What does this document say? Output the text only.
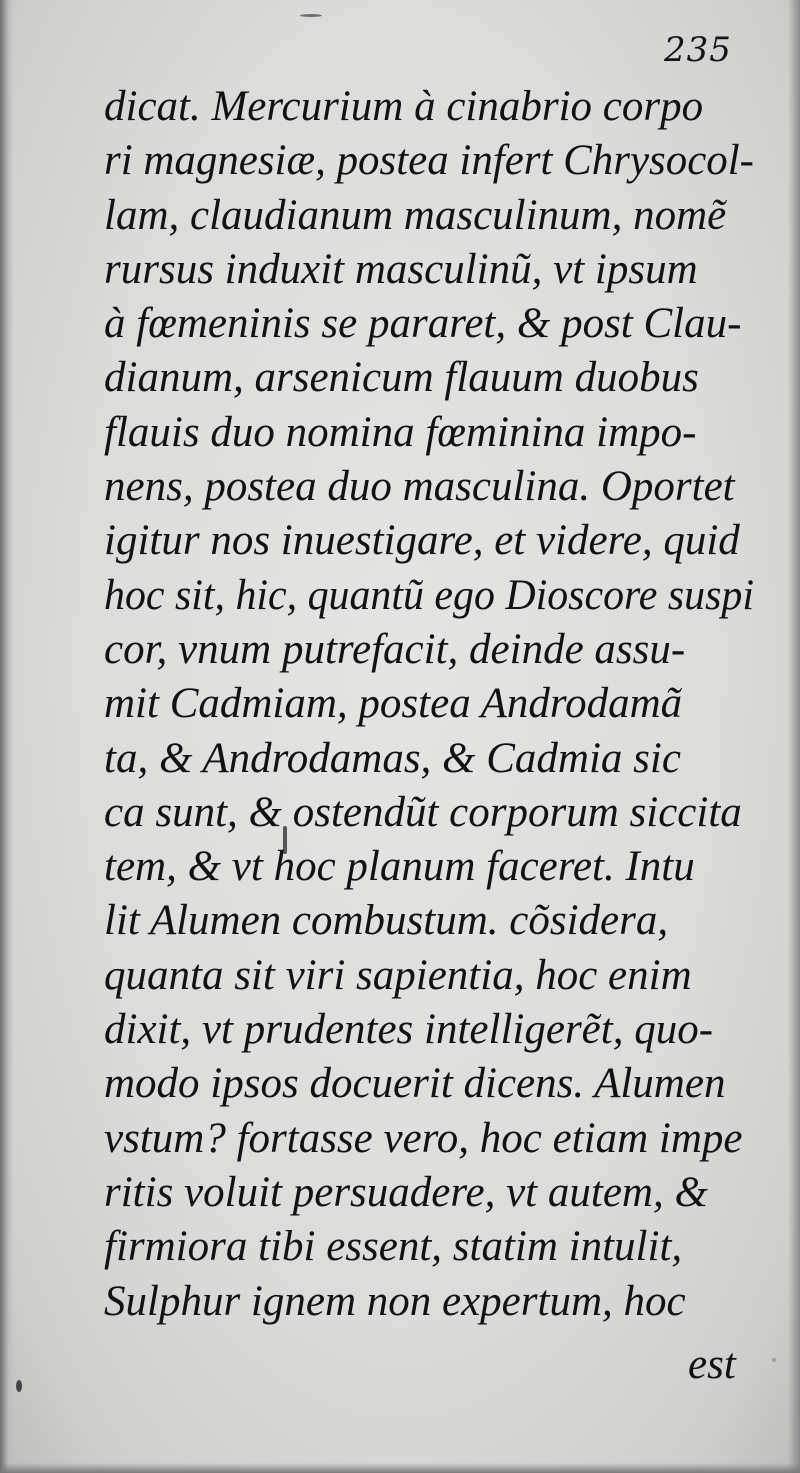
235
dicat. Mercurium à cinabrio corpo
ri magnesiæ, postea infert Chrysocol-
lam, claudianum masculinum, nomẽ
rursus induxit masculinũ, vt ipsum
à fœmeninis se pararet, & post Clau-
dianum, arsenicum flauum duobus
flauis duo nomina fœminina impo-
nens, postea duo masculina. Oportet
igitur nos inuestigare, et videre, quid
hoc sit, hic, quantũ ego Dioscore suspi
cor, vnum putrefacit, deinde assu-
mit Cadmiam, postea Androdamã
ta, & Androdamas, & Cadmia sic
ca sunt, & ostendũt corporum siccita
tem, & vt hoc planum faceret. Intu
lit Alumen combustum. cõsidera,
quanta sit viri sapientia, hoc enim
dixit, vt prudentes intelligerẽt, quo-
modo ipsos docuerit dicens. Alumen
vstum? fortasse vero, hoc etiam impe
ritis voluit persuadere, vt autem, &
firmiora tibi essent, statim intulit,
Sulphur ignem non expertum, hoc
est
